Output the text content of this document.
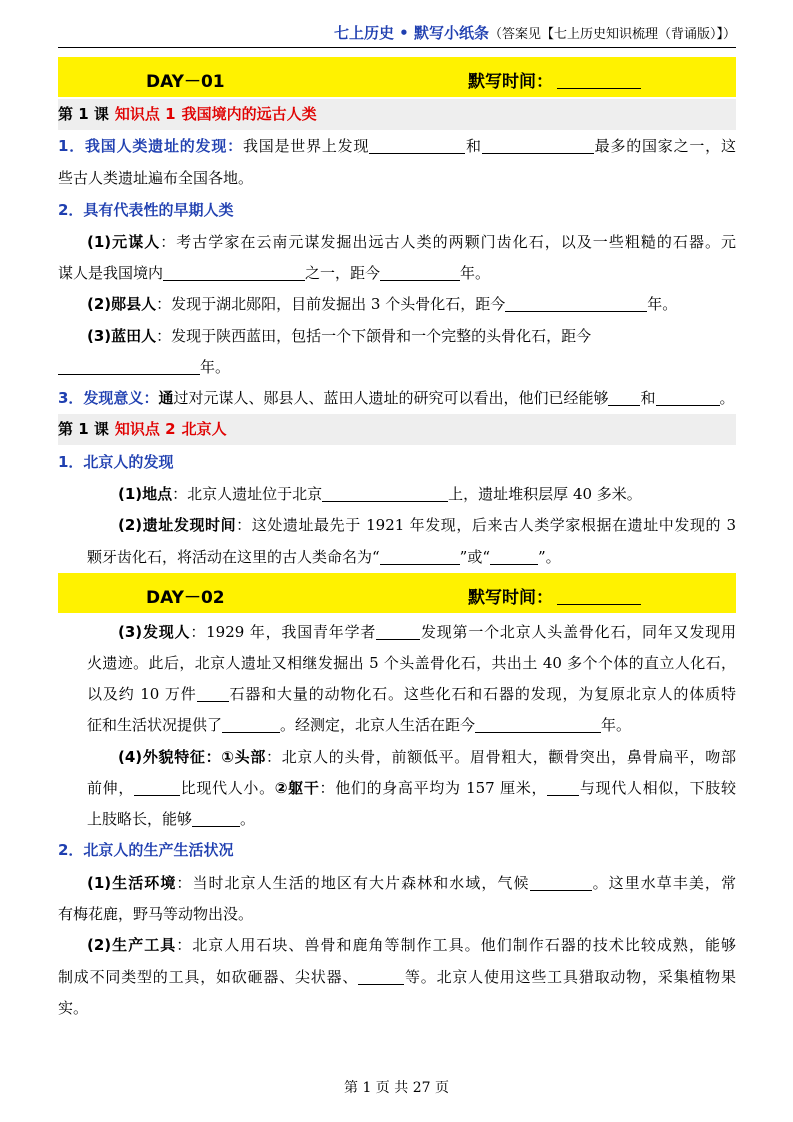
七上历史 • 默写小纸条（答案见【七上历史知识梳理（背诵版）】）
DAY－01	默写时间：
第 1 课 知识点 1 我国境内的远古人类
1．我国人类遗址的发现：我国是世界上发现	和	最多的国家之一，这
些古人类遗址遍布全国各地。
2．具有代表性的早期人类
(1)元谋人：考古学家在云南元谋发掘出远古人类的两颗门齿化石，以及一些粗糙的石器。元
谋人是我国境内	之一，距今	年。
(2)郧县人：发现于湖北郧阳，目前发掘出 3 个头骨化石，距今	年。
(3)蓝田人：发现于陕西蓝田，包括一个下颌骨和一个完整的头骨化石，距今
年。
3．发现意义：通过对元谋人、郧县人、蓝田人遗址的研究可以看出，他们已经能够 和	。
第 1 课 知识点 2 北京人
1．北京人的发现
(1)地点：北京人遗址位于北京	上，遗址堆积层厚 40 多米。
(2)遗址发现时间：这处遗址最先于 1921 年发现，后来古人类学家根据在遗址中发现的 3
颗牙齿化石，将活动在这里的古人类命名为“	”或“	”。
DAY－02	默写时间：
(3)发现人：1929 年，我国青年学者	发现第一个北京人头盖骨化石，同年又发现用
火遗迹。此后，北京人遗址又相继发掘出 5 个头盖骨化石，共出土 40 多个个体的直立人化石，
以及约 10 万件 石器和大量的动物化石。这些化石和石器的发现，为复原北京人的体质特
征和生活状况提供了	。经测定，北京人生活在距今	年。
(4)外貌特征：①头部：北京人的头骨，前额低平。眉骨粗大，颧骨突出，鼻骨扁平，吻部
前伸，	比现代人小。②躯干：他们的身高平均为 157 厘米， 与现代人相似，下肢较
上肢略长，能够	。
2．北京人的生产生活状况
(1)生活环境：当时北京人生活的地区有大片森林和水域，气候	。这里水草丰美，常
有梅花鹿，野马等动物出没。
(2)生产工具：北京人用石块、兽骨和鹿角等制作工具。他们制作石器的技术比较成熟，能够
制成不同类型的工具，如砍砸器、尖状器、	等。北京人使用这些工具猎取动物，采集植物果
实。
第 1 页 共 27 页
